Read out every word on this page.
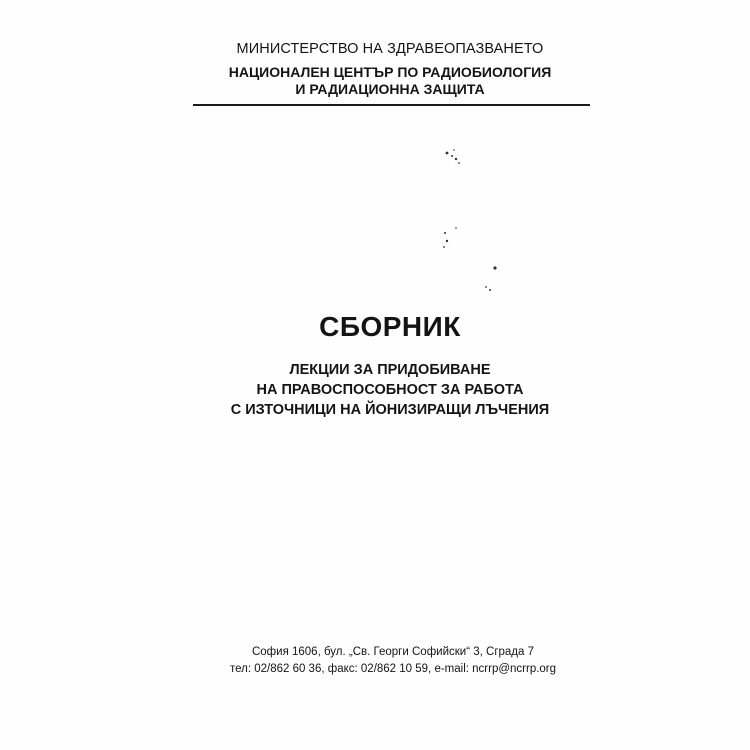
МИНИСТЕРСТВО НА ЗДРАВЕОПАЗВАНЕТО
НАЦИОНАЛЕН ЦЕНТЪР ПО РАДИОБИОЛОГИЯ
И РАДИАЦИОННА ЗАЩИТА
СБОРНИК
ЛЕКЦИИ ЗА ПРИДОБИВАНЕ
НА ПРАВОСПОСОБНОСТ ЗА РАБОТА
С ИЗТОЧНИЦИ НА ЙОНИЗИРАЩИ ЛЪЧЕНИЯ
София 1606, бул. „Св. Георги Софийски“ 3, Сграда 7
тел: 02/862 60 36, факс: 02/862 10 59, e-mail: ncrrp@ncrrp.org
